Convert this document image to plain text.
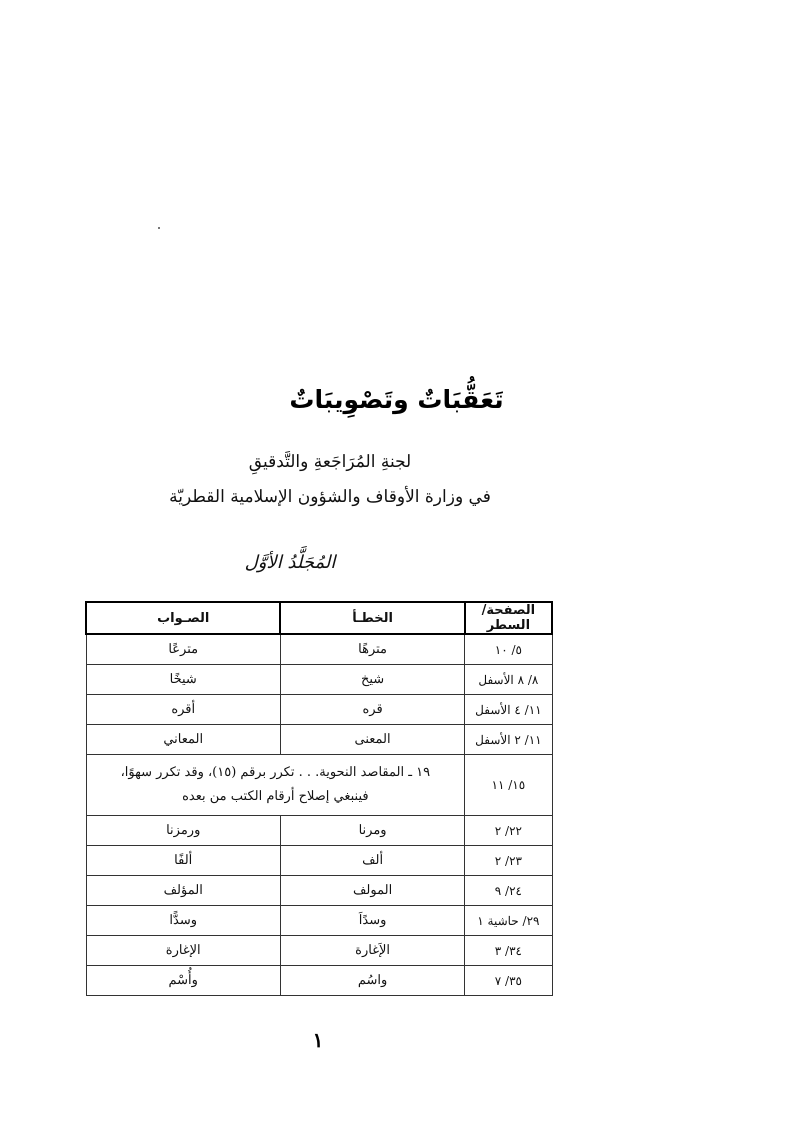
تَعَقُّبَاتٌ وتَصْوِيبَاتٌ
لجنةِ المُرَاجَعةِ والتَّدقيقِ
في وزارة الأوقاف والشؤون الإسلامية القطريّة
المُجَلَّدُ الأوَّل
الصفحة/ السطر	الخطـأ	الصـواب
٥/ ١٠	مترهًا	مترعًا
٨/ ٨ الأسفل	شيخ	شيخًا
١١/ ٤ الأسفل	قره	أقره
١١/ ٢ الأسفل	المعنى	المعاني
١٥/ ١١	١٩ ـ المقاصد النحوية. . . تكرر برقم (١٥)، وقد تكرر سهوًا،
فينبغي إصلاح أرقام الكتب من بعده	

٢٢/ ٢	ومرنا	ورمزنا
٢٣/ ٢	ألف	ألفًا
٢٤/ ٩	المولف	المؤلف
٢٩/ حاشية ١	وسدًاَ	وسدًّا
٣٤/ ٣	الإَغارة	الإغارة
٣٥/ ٧	واسُم	وأُسْم
١
